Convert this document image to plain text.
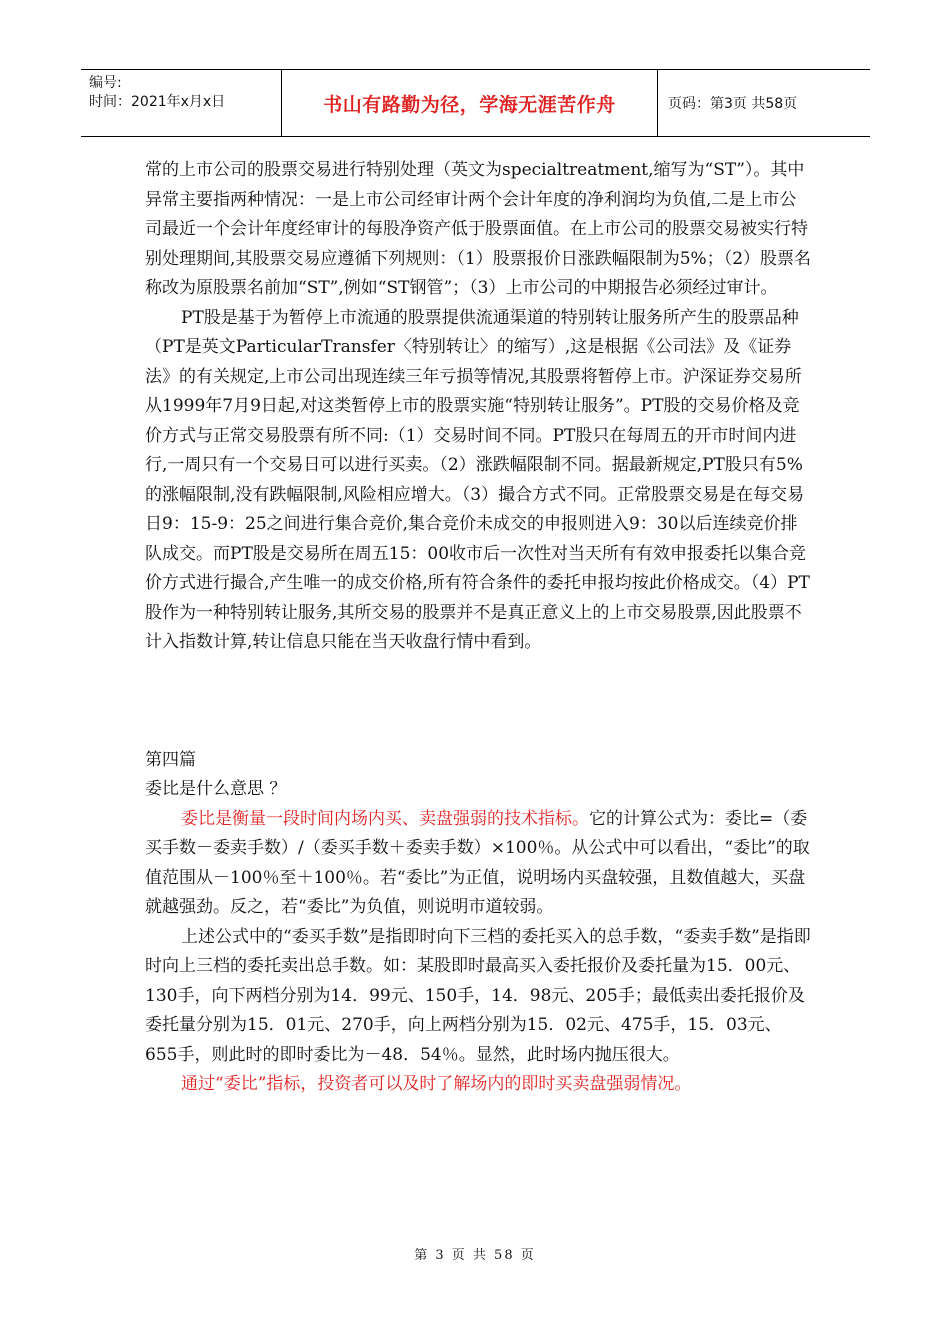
编号:
时间：2021年x月x日	书山有路勤为径，学海无涯苦作舟	页码：第3页 共58页

常的上市公司的股票交易进行特别处理（英文为specialtreatment,缩写为“ST”）。其中异常主要指两种情况：一是上市公司经审计两个会计年度的净利润均为负值,二是上市公司最近一个会计年度经审计的每股净资产低于股票面值。在上市公司的股票交易被实行特别处理期间,其股票交易应遵循下列规则：（1）股票报价日涨跌幅限制为5%；（2）股票名称改为原股票名前加“ST”,例如“ST钢管”；（3）上市公司的中期报告必须经过审计。

PT股是基于为暂停上市流通的股票提供流通渠道的特别转让服务所产生的股票品种（PT是英文ParticularTransfer〈特别转让〉的缩写）,这是根据《公司法》及《证券法》的有关规定,上市公司出现连续三年亏损等情况,其股票将暂停上市。沪深证券交易所从1999年7月9日起,对这类暂停上市的股票实施“特别转让服务”。PT股的交易价格及竞价方式与正常交易股票有所不同:（1）交易时间不同。PT股只在每周五的开市时间内进行,一周只有一个交易日可以进行买卖。（2）涨跌幅限制不同。据最新规定,PT股只有5%的涨幅限制,没有跌幅限制,风险相应增大。（3）撮合方式不同。正常股票交易是在每交易日9：15-9：25之间进行集合竞价,集合竞价未成交的申报则进入9：30以后连续竞价排队成交。而PT股是交易所在周五15：00收市后一次性对当天所有有效申报委托以集合竞价方式进行撮合,产生唯一的成交价格,所有符合条件的委托申报均按此价格成交。（4）PT股作为一种特别转让服务,其所交易的股票并不是真正意义上的上市交易股票,因此股票不计入指数计算,转让信息只能在当天收盘行情中看到。

第四篇

委比是什么意思 ？

委比是衡量一段时间内场内买、卖盘强弱的技术指标。它的计算公式为：委比=（委买手数－委卖手数）/（委买手数＋委卖手数）×100％。从公式中可以看出，“委比”的取值范围从－100％至＋100％。若“委比”为正值，说明场内买盘较强，且数值越大，买盘就越强劲。反之，若“委比”为负值，则说明市道较弱。

上述公式中的“委买手数”是指即时向下三档的委托买入的总手数，“委卖手数”是指即时向上三档的委托卖出总手数。如：某股即时最高买入委托报价及委托量为15．00元、130手，向下两档分别为14．99元、150手，14．98元、205手；最低卖出委托报价及委托量分别为15．01元、270手，向上两档分别为15．02元、475手，15．03元、655手，则此时的即时委比为－48．54％。显然，此时场内抛压很大。

通过“委比”指标，投资者可以及时了解场内的即时买卖盘强弱情况。

第 3 页 共 58 页
